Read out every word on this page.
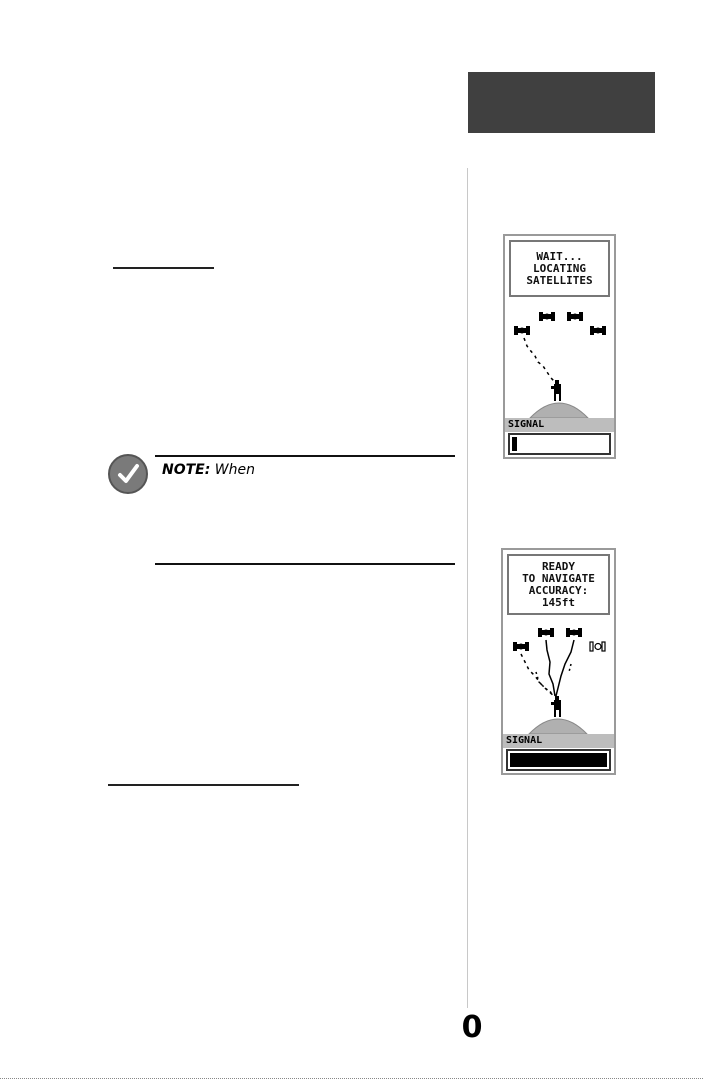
NOTE: When
WAIT...
LOCATING
SATELLITES
SIGNAL
READY
TO NAVIGATE
ACCURACY:
145ft
SIGNAL
0
